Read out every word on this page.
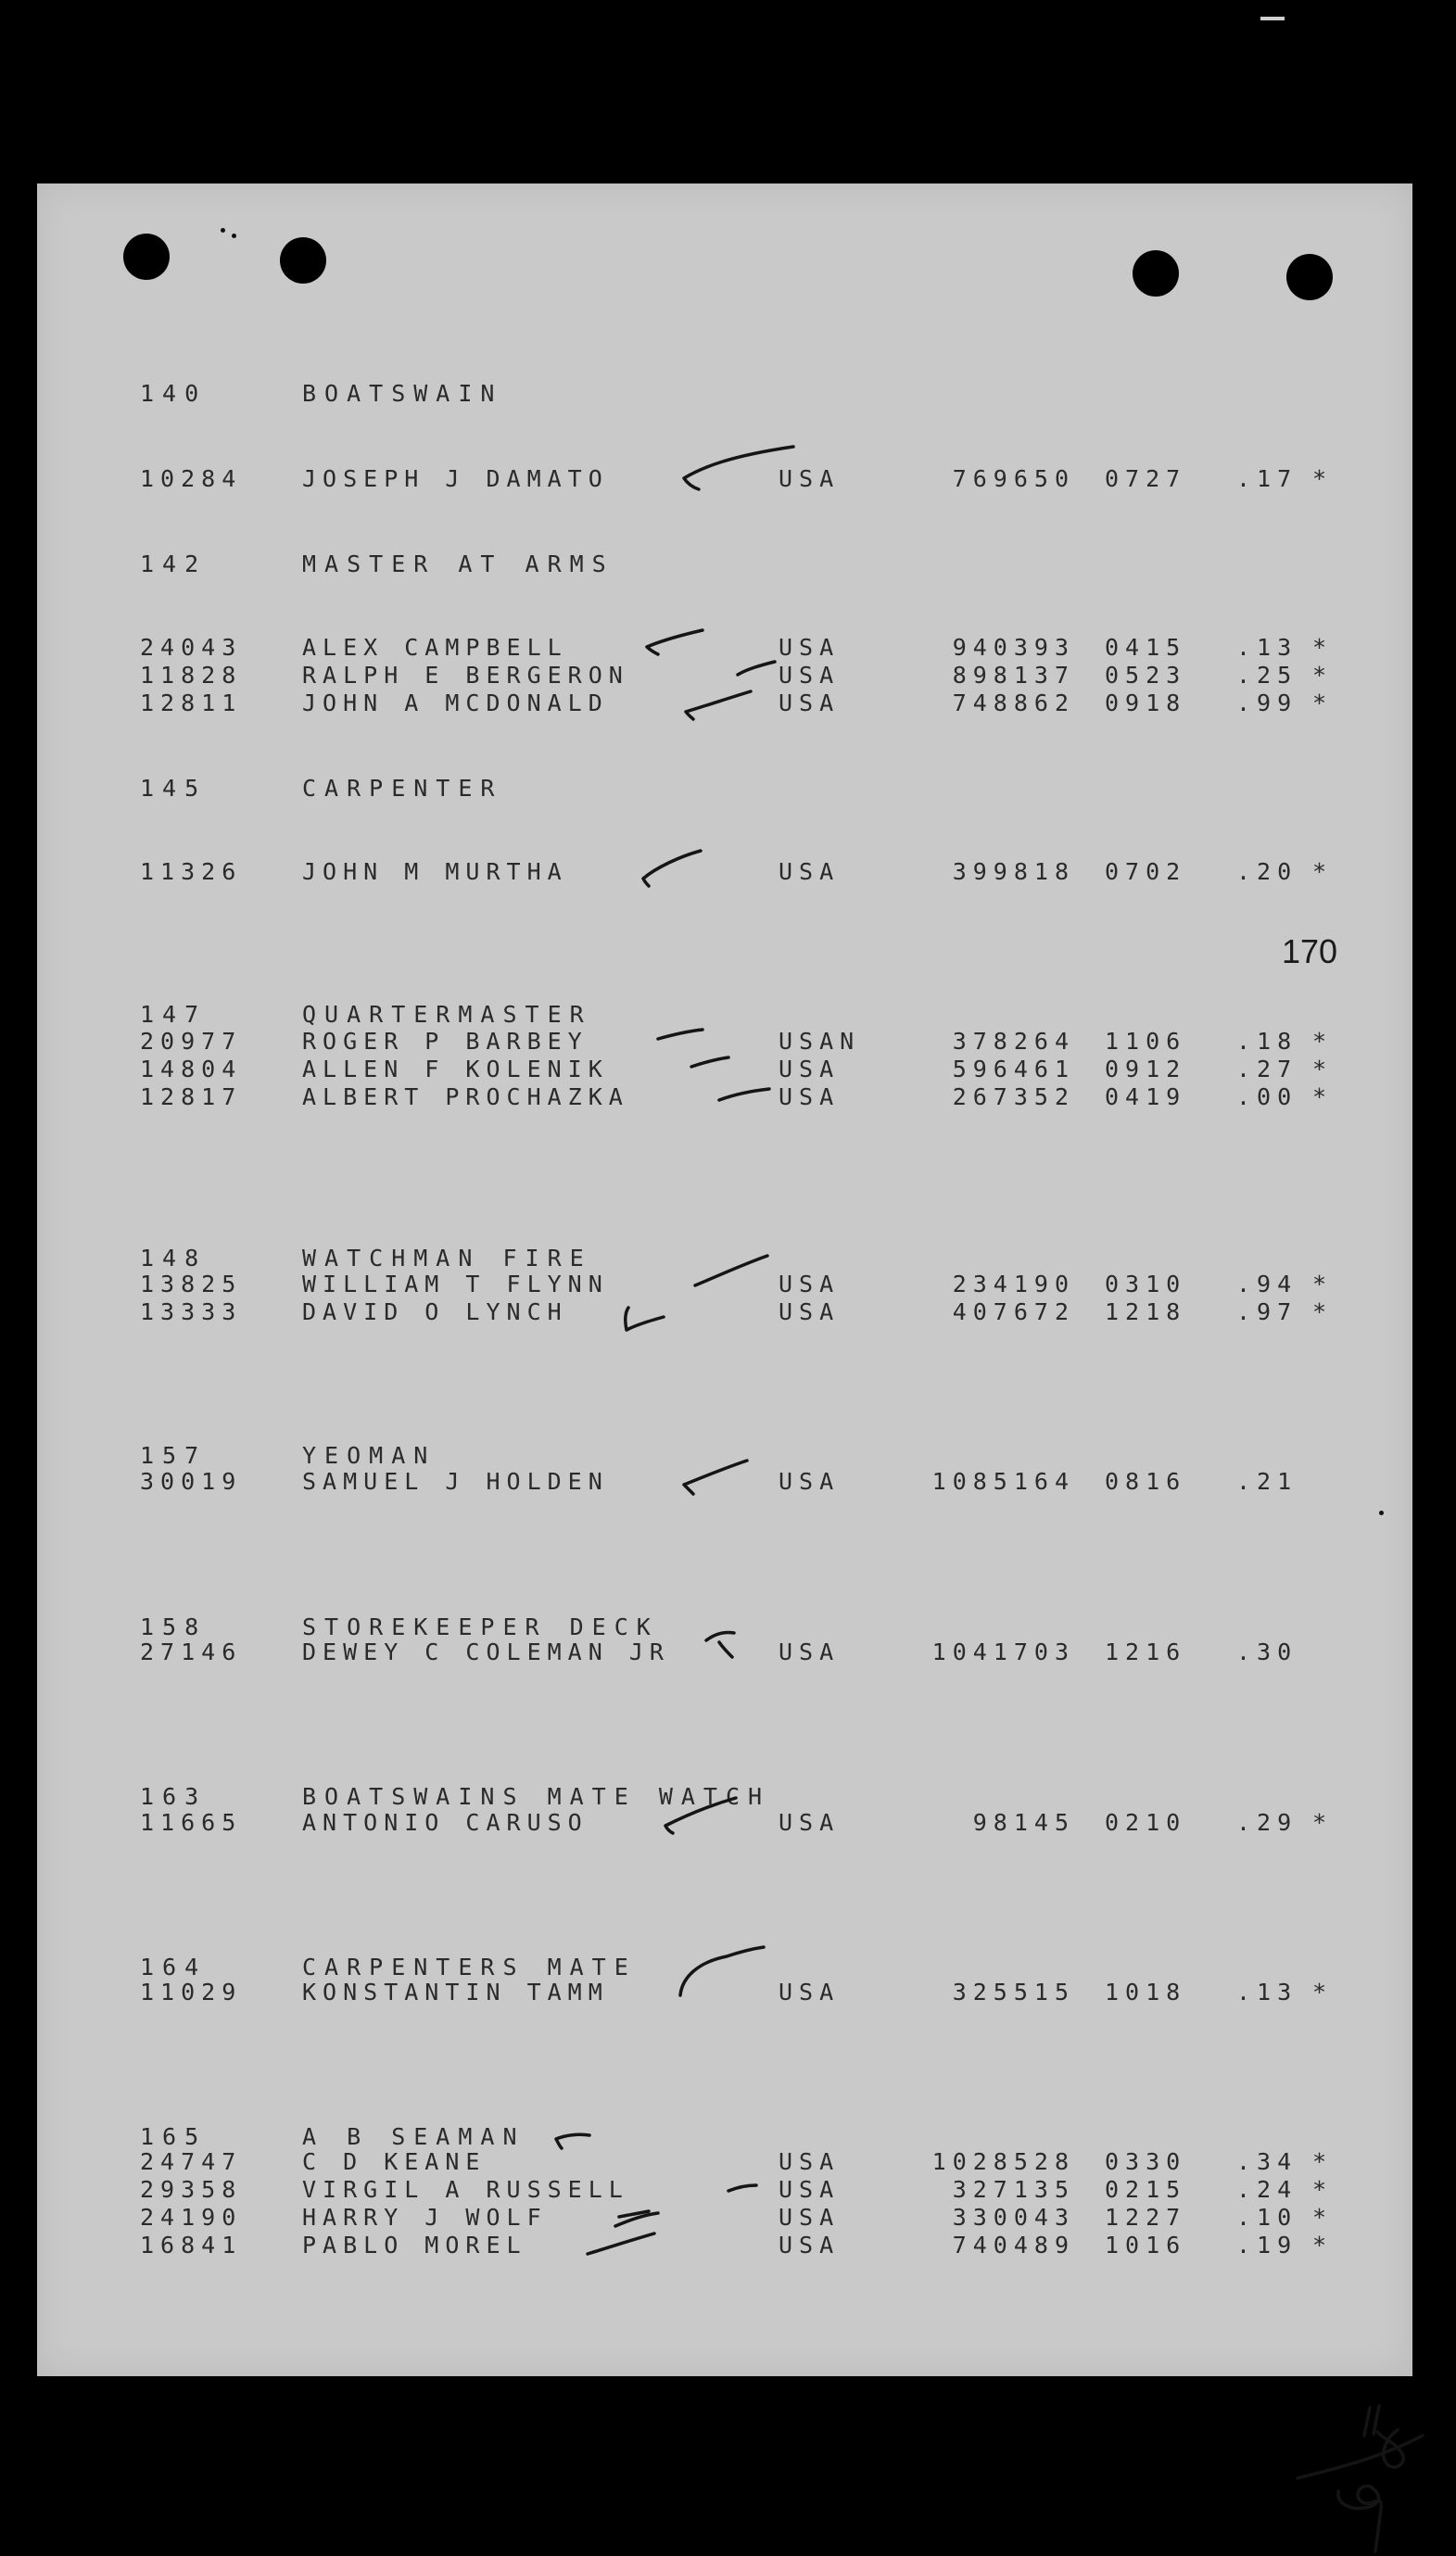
170
140	BOATSWAIN
10284	JOSEPH J DAMATO	USA	769650 0727 .17 *
142	MASTER AT ARMS
24043	ALEX CAMPBELL	USA	940393 0415 .13 *
11828	RALPH E BERGERON	USA	898137 0523 .25 *
12811	JOHN A MCDONALD	USA	748862 0918 .99 *
145	CARPENTER
11326	JOHN M MURTHA	USA	399818 0702 .20 *
147	QUARTERMASTER
20977	ROGER P BARBEY	USAN	378264 1106 .18 *
14804	ALLEN F KOLENIK	USA	596461 0912 .27 *
12817	ALBERT PROCHAZKA	USA	267352 0419 .00 *
148	WATCHMAN FIRE
13825	WILLIAM T FLYNN	USA	234190 0310 .94 *
13333	DAVID O LYNCH	USA	407672 1218 .97 *
157	YEOMAN
30019	SAMUEL J HOLDEN	USA	1085164 0816 .21
158	STOREKEEPER DECK
27146	DEWEY C COLEMAN JR	USA	1041703 1216 .30
163	BOATSWAINS MATE WATCH
11665	ANTONIO CARUSO	USA	98145 0210 .29 *
164	CARPENTERS MATE
11029	KONSTANTIN TAMM	USA	325515 1018 .13 *
165	A B SEAMAN
24747	C D KEANE	USA	1028528 0330 .34 *
29358	VIRGIL A RUSSELL	USA	327135 0215 .24 *
24190	HARRY J WOLF	USA	330043 1227 .10 *
16841	PABLO MOREL	USA	740489 1016 .19 *
